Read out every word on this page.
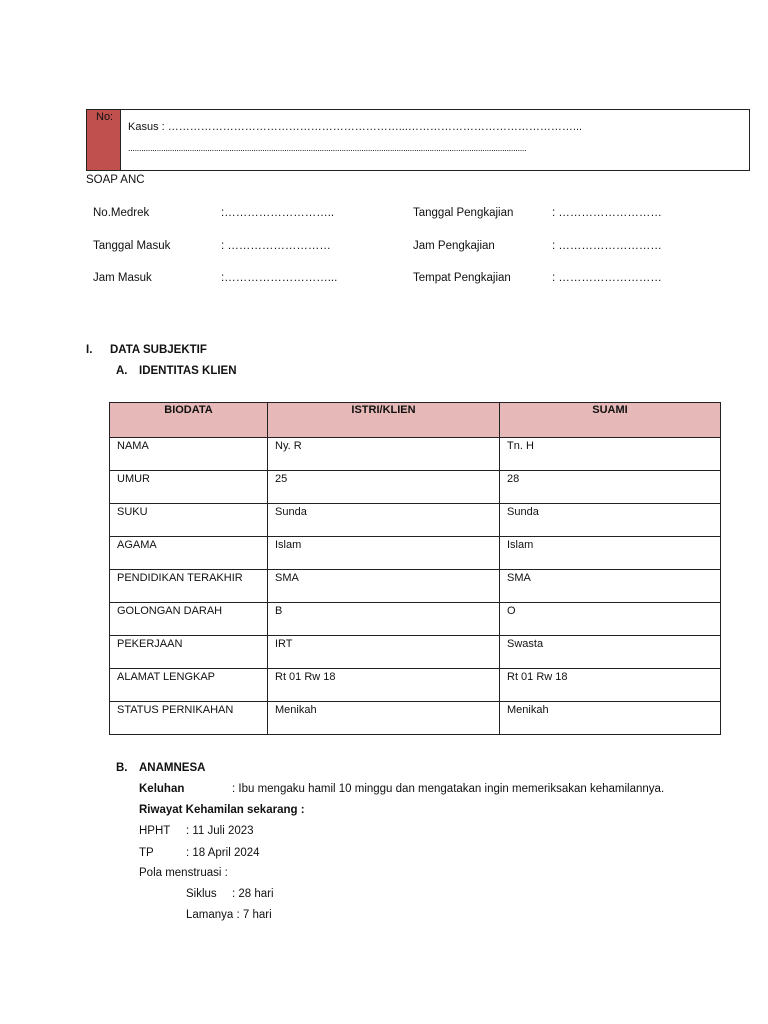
No:
Kasus : ………………………………………………………...………………………………………...
.....................................................................................................................................................................................
SOAP ANC
No.Medrek	:………………………..	Tanggal Pengkajian	: ………………………
Tanggal Masuk	: ………………………	Jam Pengkajian	: ………………………
Jam Masuk	:………………………...	Tempat Pengkajian	: ………………………
I. DATA SUBJEKTIF
A. IDENTITAS KLIEN
BIODATA	ISTRI/KLIEN	SUAMI
NAMA	Ny. R	Tn. H
UMUR	25	28
SUKU	Sunda	Sunda
AGAMA	Islam	Islam
PENDIDIKAN TERAKHIR	SMA	SMA
GOLONGAN DARAH	B	O
PEKERJAAN	IRT	Swasta
ALAMAT LENGKAP	Rt 01 Rw 18	Rt 01 Rw 18
STATUS PERNIKAHAN	Menikah	Menikah
B. ANAMNESA
Keluhan	: Ibu mengaku hamil 10 minggu dan mengatakan ingin memeriksakan kehamilannya.
Riwayat Kehamilan sekarang :
HPHT : 11 Juli 2023
TP	: 18 April 2024
Pola menstruasi :
Siklus : 28 hari
Lamanya : 7 hari
